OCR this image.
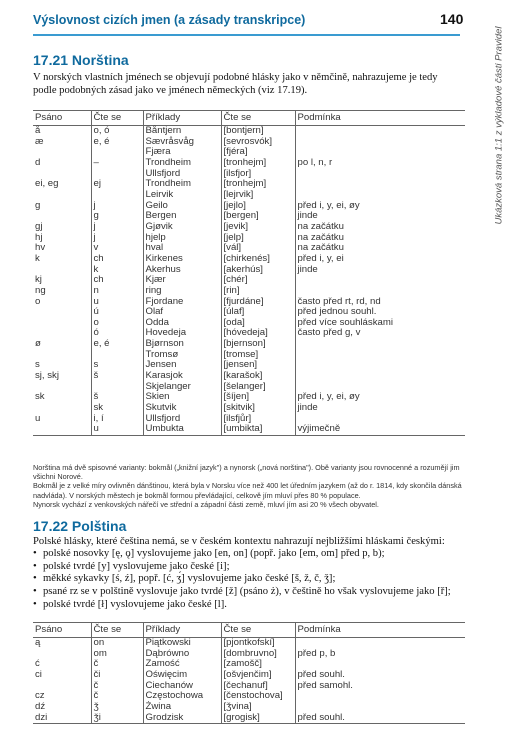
Výslovnost cizích jmen (a zásady transkripce)	140
Ukázková strana 1:1 z výkladové části Pravidel
17.21 Norština
V norských vlastních jménech se objevují podobné hlásky jako v němčině, nahrazujeme je tedy podle podobných zásad jako ve jménech německých (viz 17.19).
Psáno	Čte se	Příklady	Čte se	Podmínka
å	o, ó	Båntjern	[bontjern]	
æ	e, é	Sævråsvåg	[sevrosvók]	
		Fjæra	[fjéra]	
d	–	Trondheim	[tronhejm]	po l, n, r
		Ullsfjord	[ilsfjor]	
ei, eg	ej	Trondheim	[tronhejm]	
		Leirvik	[lejrvik]	
g	j	Geilo	[jejlo]	před i, y, ei, øy
	g	Bergen	[bergen]	jinde
gj	j	Gjøvik	[jevik]	na začátku
hj	j	hjelp	[jelp]	na začátku
hv	v	hval	[vál]	na začátku
k	ch	Kirkenes	[chirkenés]	před i, y, ei
	k	Akerhus	[akerhús]	jinde
kj	ch	Kjær	[chér]	
ng	n	ring	[rin]	
o	u	Fjordane	[fjurdáne]	často před rt, rd, nd
	ú	Olaf	[úlaf]	před jednou souhl.
	o	Odda	[oda]	před více souhláskami
	ó	Hovedeja	[hóvedeja]	často před g, v
ø	e, é	Bjørnson	[bjernson]	
		Tromsø	[tromse]	
s	s	Jensen	[jensen]	
sj, skj	š	Karasjok	[karašok]	
		Skjelanger	[šelanger]	
sk	š	Skien	[šíjen]	před i, y, ei, øy
	sk	Skutvik	[skitvik]	jinde
u	i, í	Ullsfjord	[ilsfjůr]	
	u	Umbukta	[umbikta]	výjimečně

Norština má dvě spisovné varianty: bokmål („knižní jazyk") a nynorsk („nová norština"). Obě varianty jsou rovnocenné a rozumějí jim všichni Norové.

Bokmål je z velké míry ovlivněn dánštinou, která byla v Norsku více než 400 let úředním jazykem (až do r. 1814, kdy skončila dánská nadvláda). V norských městech je bokmål formou převládající, celkově jím mluví přes 80 % populace.

Nynorsk vychází z venkovských nářečí ve střední a západní části země, mluví jím asi 20 % všech obyvatel.

17.22 Polština
Polské hlásky, které čeština nemá, se v českém kontextu nahrazují nejbližšími hláskami českými:
• polské nosovky [ę, ǫ] vyslovujeme jako [en, on] (popř. jako [em, om] před p, b);
• polské tvrdé [y] vyslovujeme jako české [i];
• měkké sykavky [ś, ź], popř. [ć, ʒ́] vyslovujeme jako české [š, ž, č, ǯ];
• psané rz se v polštině vyslovuje jako tvrdé [ž] (psáno ż), v češtině ho však vyslovujeme jako [ř];
• polské tvrdé [ł] vyslovujeme jako české [l].
Psáno	Čte se	Příklady	Čte se	Podmínka
ą	on	Piątkowski	[pjontkofskí]	
	om	Dąbrówno	[dombruvno]	před p, b
ć	č	Zamość	[zamošč]	
ci	či	Oświęcim	[ošvjenčim]	před souhl.
	č	Ciechanów	[čechanuf]	před samohl.
cz	č	Częstochowa	[čenstochova]	
dź	ǯ	Żwina	[ǯvina]	
dzi	ǯi	Grodzisk	[grogisk]	před souhl.
